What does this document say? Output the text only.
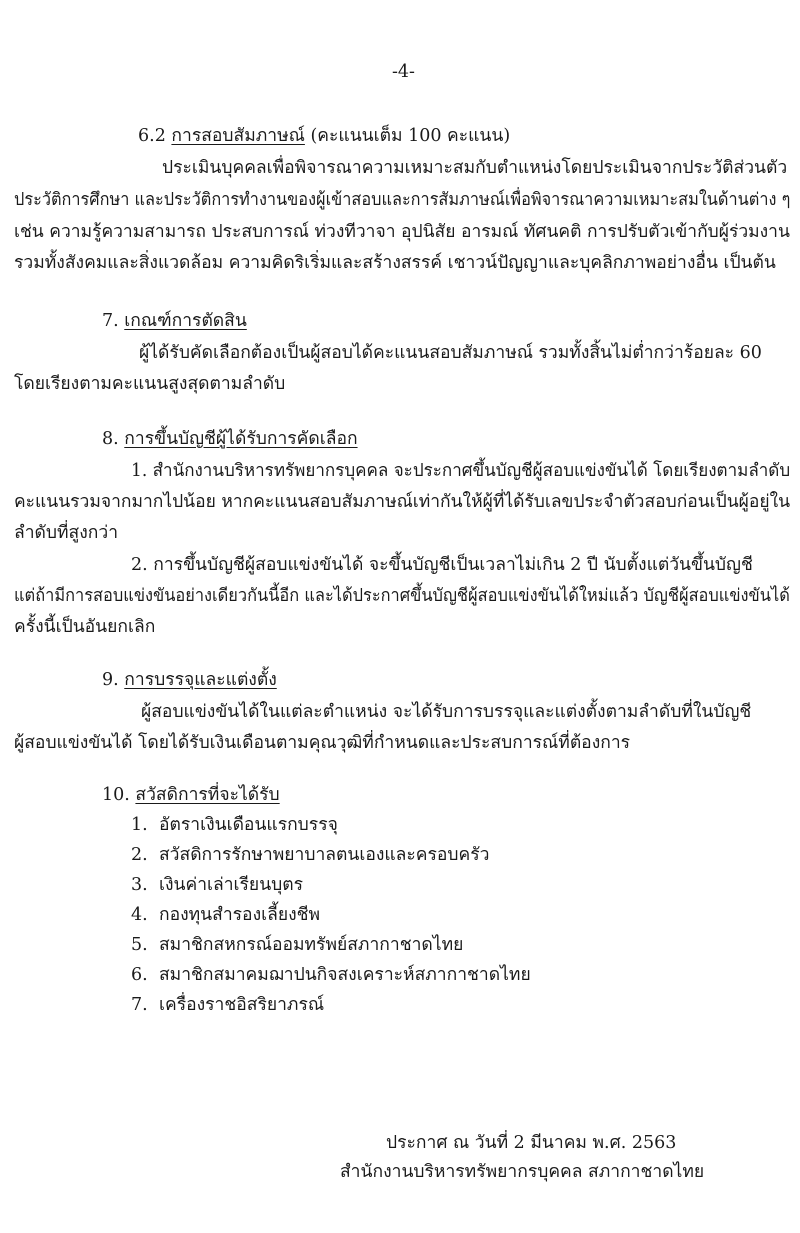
-4-
6.2 การสอบสัมภาษณ์ (คะแนนเต็ม 100 คะแนน)
ประเมินบุคคลเพื่อพิจารณาความเหมาะสมกับตำแหน่งโดยประเมินจากประวัติส่วนตัว
ประวัติการศึกษา และประวัติการทำงานของผู้เข้าสอบและการสัมภาษณ์เพื่อพิจารณาความเหมาะสมในด้านต่าง ๆ
เช่น ความรู้ความสามารถ ประสบการณ์ ท่วงทีวาจา อุปนิสัย อารมณ์ ทัศนคติ การปรับตัวเข้ากับผู้ร่วมงาน
รวมทั้งสังคมและสิ่งแวดล้อม ความคิดริเริ่มและสร้างสรรค์ เชาวน์ปัญญาและบุคลิกภาพอย่างอื่น เป็นต้น
7. เกณฑ์การตัดสิน
ผู้ได้รับคัดเลือกต้องเป็นผู้สอบได้คะแนนสอบสัมภาษณ์ รวมทั้งสิ้นไม่ต่ำกว่าร้อยละ 60
โดยเรียงตามคะแนนสูงสุดตามลำดับ
8. การขึ้นบัญชีผู้ได้รับการคัดเลือก
1. สำนักงานบริหารทรัพยากรบุคคล จะประกาศขึ้นบัญชีผู้สอบแข่งขันได้ โดยเรียงตามลำดับ
คะแนนรวมจากมากไปน้อย หากคะแนนสอบสัมภาษณ์เท่ากันให้ผู้ที่ได้รับเลขประจำตัวสอบก่อนเป็นผู้อยู่ใน
ลำดับที่สูงกว่า
2. การขึ้นบัญชีผู้สอบแข่งขันได้ จะขึ้นบัญชีเป็นเวลาไม่เกิน 2 ปี นับตั้งแต่วันขึ้นบัญชี
แต่ถ้ามีการสอบแข่งขันอย่างเดียวกันนี้อีก และได้ประกาศขึ้นบัญชีผู้สอบแข่งขันได้ใหม่แล้ว บัญชีผู้สอบแข่งขันได้
ครั้งนี้เป็นอันยกเลิก
9. การบรรจุและแต่งตั้ง
ผู้สอบแข่งขันได้ในแต่ละตำแหน่ง จะได้รับการบรรจุและแต่งตั้งตามลำดับที่ในบัญชี
ผู้สอบแข่งขันได้ โดยได้รับเงินเดือนตามคุณวุฒิที่กำหนดและประสบการณ์ที่ต้องการ
10. สวัสดิการที่จะได้รับ
1. อัตราเงินเดือนแรกบรรจุ
2. สวัสดิการรักษาพยาบาลตนเองและครอบครัว
3. เงินค่าเล่าเรียนบุตร
4. กองทุนสำรองเลี้ยงชีพ
5. สมาชิกสหกรณ์ออมทรัพย์สภากาชาดไทย
6. สมาชิกสมาคมฌาปนกิจสงเคราะห์สภากาชาดไทย
7. เครื่องราชอิสริยาภรณ์
ประกาศ ณ วันที่ 2 มีนาคม พ.ศ. 2563
สำนักงานบริหารทรัพยากรบุคคล สภากาชาดไทย
